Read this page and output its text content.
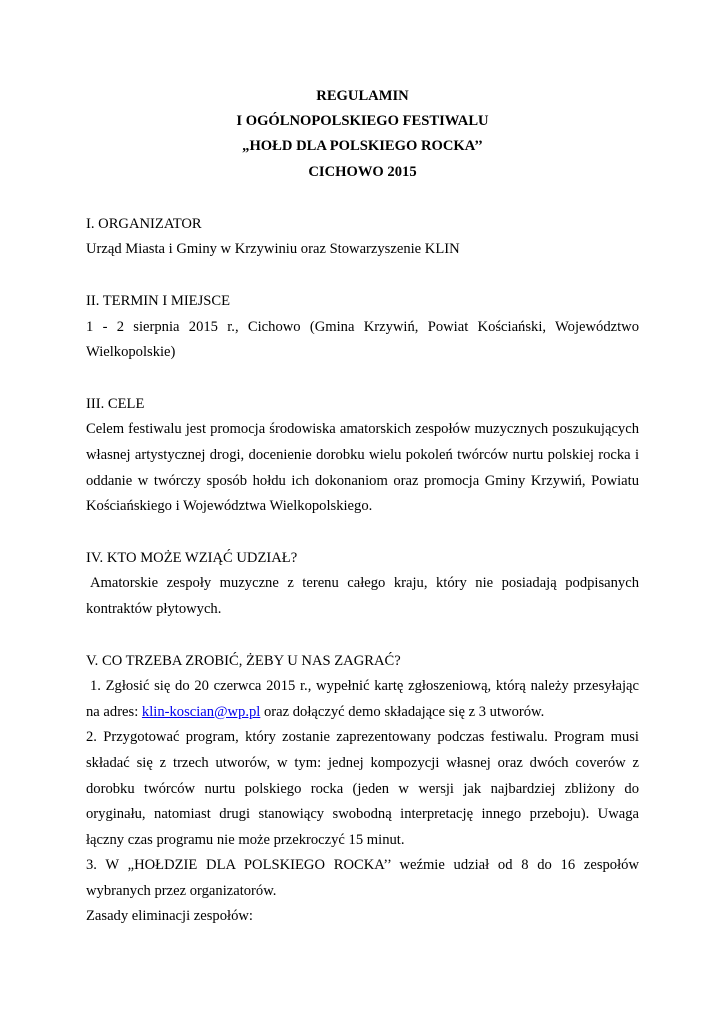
REGULAMIN

I OGÓLNOPOLSKIEGO FESTIWALU

„HOŁD DLA POLSKIEGO ROCKA’’

CICHOWO 2015

I. ORGANIZATOR

Urząd Miasta i Gminy w Krzywiniu oraz Stowarzyszenie KLIN

II. TERMIN I MIEJSCE

1 - 2 sierpnia 2015 r., Cichowo (Gmina Krzywiń, Powiat Kościański, Województwo Wielkopolskie)

III. CELE

Celem festiwalu jest promocja środowiska amatorskich zespołów muzycznych poszukujących własnej artystycznej drogi, docenienie dorobku wielu pokoleń twórców nurtu polskiej rocka i oddanie w twórczy sposób hołdu ich dokonaniom oraz promocja Gminy Krzywiń, Powiatu Kościańskiego i Województwa Wielkopolskiego.

IV. KTO MOŻE WZIĄĆ UDZIAŁ?

Amatorskie zespoły muzyczne z terenu całego kraju, który nie posiadają podpisanych kontraktów płytowych.

V. CO TRZEBA ZROBIĆ, ŻEBY U NAS ZAGRAĆ?

1. Zgłosić się do 20 czerwca 2015 r., wypełnić kartę zgłoszeniową, którą należy przesyłając na adres: klin-koscian@wp.pl oraz dołączyć demo składające się z 3 utworów.

2. Przygotować program, który zostanie zaprezentowany podczas festiwalu. Program musi składać się z trzech utworów, w tym: jednej kompozycji własnej oraz dwóch coverów z dorobku twórców nurtu polskiego rocka (jeden w wersji jak najbardziej zbliżony do oryginału, natomiast drugi stanowiący swobodną interpretację innego przeboju). Uwaga łączny czas programu nie może przekroczyć 15 minut.

3. W „HOŁDZIE DLA POLSKIEGO ROCKA’’ weźmie udział od 8 do 16 zespołów wybranych przez organizatorów.

Zasady eliminacji zespołów:
